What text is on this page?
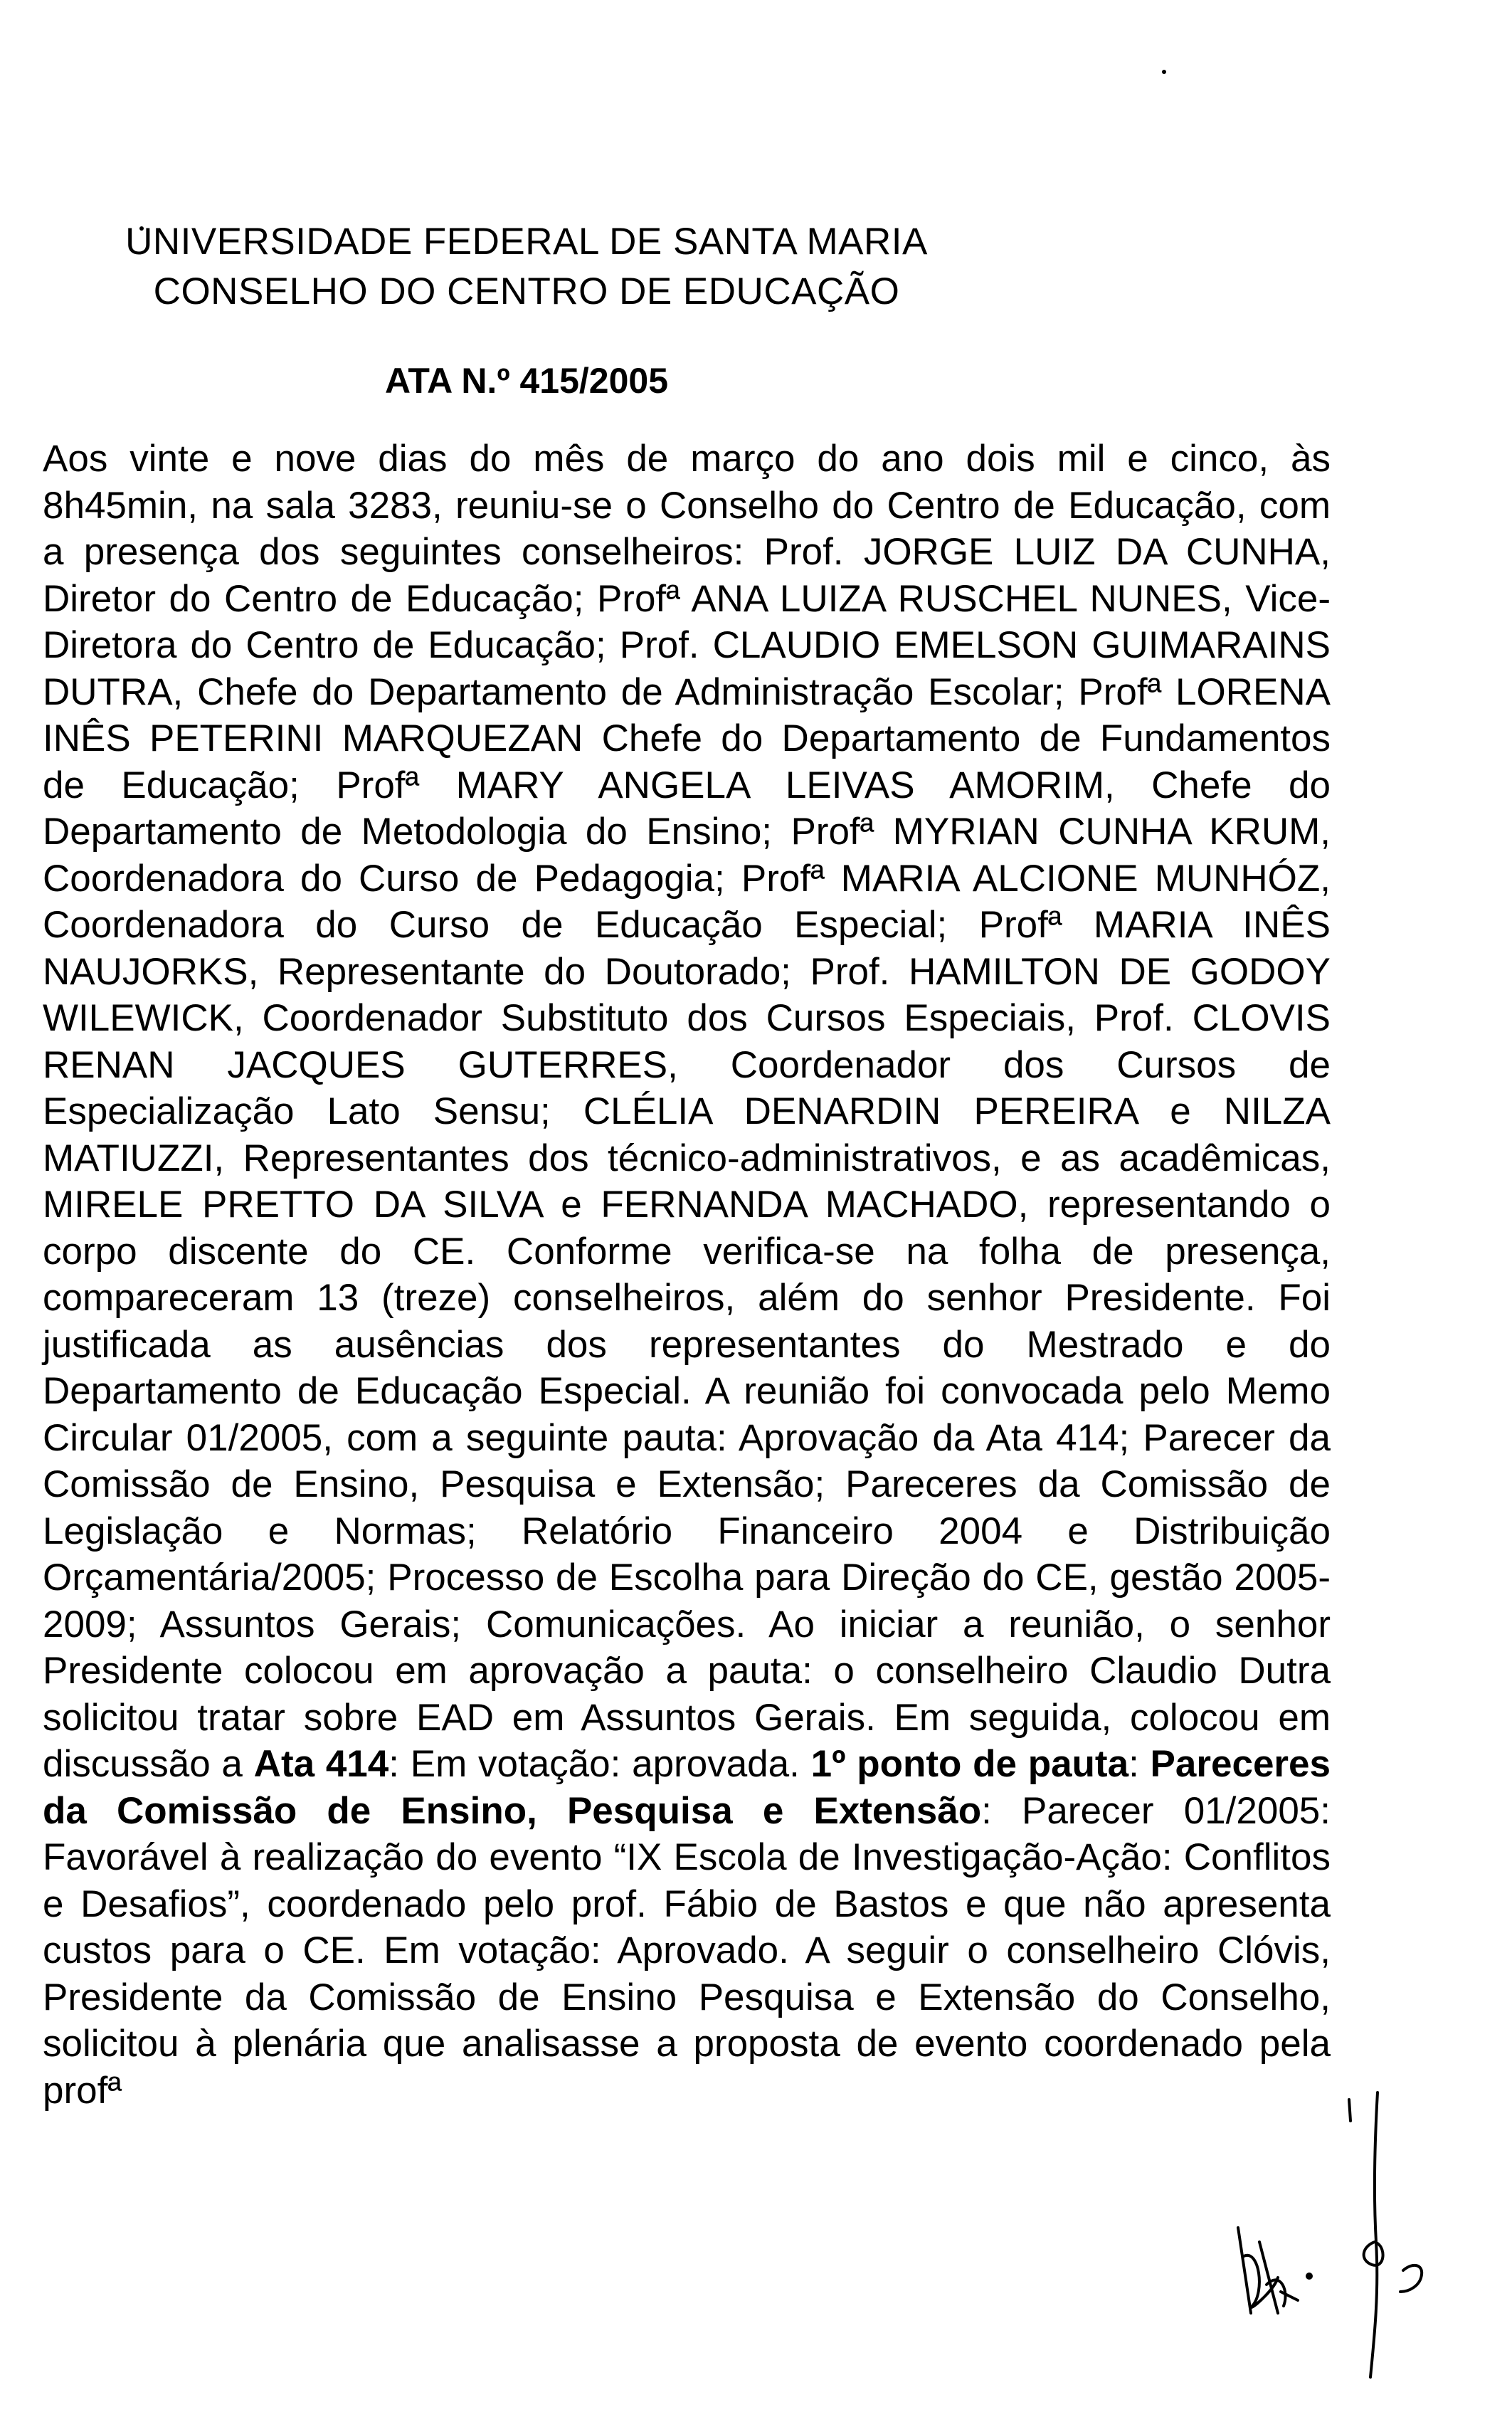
UNIVERSIDADE FEDERAL DE SANTA MARIA
CONSELHO DO CENTRO DE EDUCAÇÃO
ATA N.º 415/2005
Aos vinte e nove dias do mês de março do ano dois mil e cinco, às 8h45min, na sala 3283, reuniu-se o Conselho do Centro de Educação, com a presença dos seguintes conselheiros: Prof. JORGE LUIZ DA CUNHA, Diretor do Centro de Educação; Profª ANA LUIZA RUSCHEL NUNES, Vice-Diretora do Centro de Educação; Prof. CLAUDIO EMELSON GUIMARAINS DUTRA, Chefe do Departamento de Administração Escolar; Profª LORENA INÊS PETERINI MARQUEZAN Chefe do Departamento de Fundamentos de Educação; Profª MARY ANGELA LEIVAS AMORIM, Chefe do Departamento de Metodologia do Ensino; Profª MYRIAN CUNHA KRUM, Coordenadora do Curso de Pedagogia; Profª MARIA ALCIONE MUNHÓZ, Coordenadora do Curso de Educação Especial; Profª MARIA INÊS NAUJORKS, Representante do Doutorado; Prof. HAMILTON DE GODOY WILEWICK, Coordenador Substituto dos Cursos Especiais, Prof. CLOVIS RENAN JACQUES GUTERRES, Coordenador dos Cursos de Especialização Lato Sensu; CLÉLIA DENARDIN PEREIRA e NILZA MATIUZZI, Representantes dos técnico-administrativos, e as acadêmicas, MIRELE PRETTO DA SILVA e FERNANDA MACHADO, representando o corpo discente do CE. Conforme verifica-se na folha de presença, compareceram 13 (treze) conselheiros, além do senhor Presidente. Foi justificada as ausências dos representantes do Mestrado e do Departamento de Educação Especial. A reunião foi convocada pelo Memo Circular 01/2005, com a seguinte pauta: Aprovação da Ata 414; Parecer da Comissão de Ensino, Pesquisa e Extensão; Pareceres da Comissão de Legislação e Normas; Relatório Financeiro 2004 e Distribuição Orçamentária/2005; Processo de Escolha para Direção do CE, gestão 2005-2009; Assuntos Gerais; Comunicações. Ao iniciar a reunião, o senhor Presidente colocou em aprovação a pauta: o conselheiro Claudio Dutra solicitou tratar sobre EAD em Assuntos Gerais. Em seguida, colocou em discussão a Ata 414: Em votação: aprovada. 1º ponto de pauta: Pareceres da Comissão de Ensino, Pesquisa e Extensão: Parecer 01/2005: Favorável à realização do evento “IX Escola de Investigação-Ação: Conflitos e Desafios”, coordenado pelo prof. Fábio de Bastos e que não apresenta custos para o CE. Em votação: Aprovado. A seguir o conselheiro Clóvis, Presidente da Comissão de Ensino Pesquisa e Extensão do Conselho, solicitou à plenária que analisasse a proposta de evento coordenado pela profª
